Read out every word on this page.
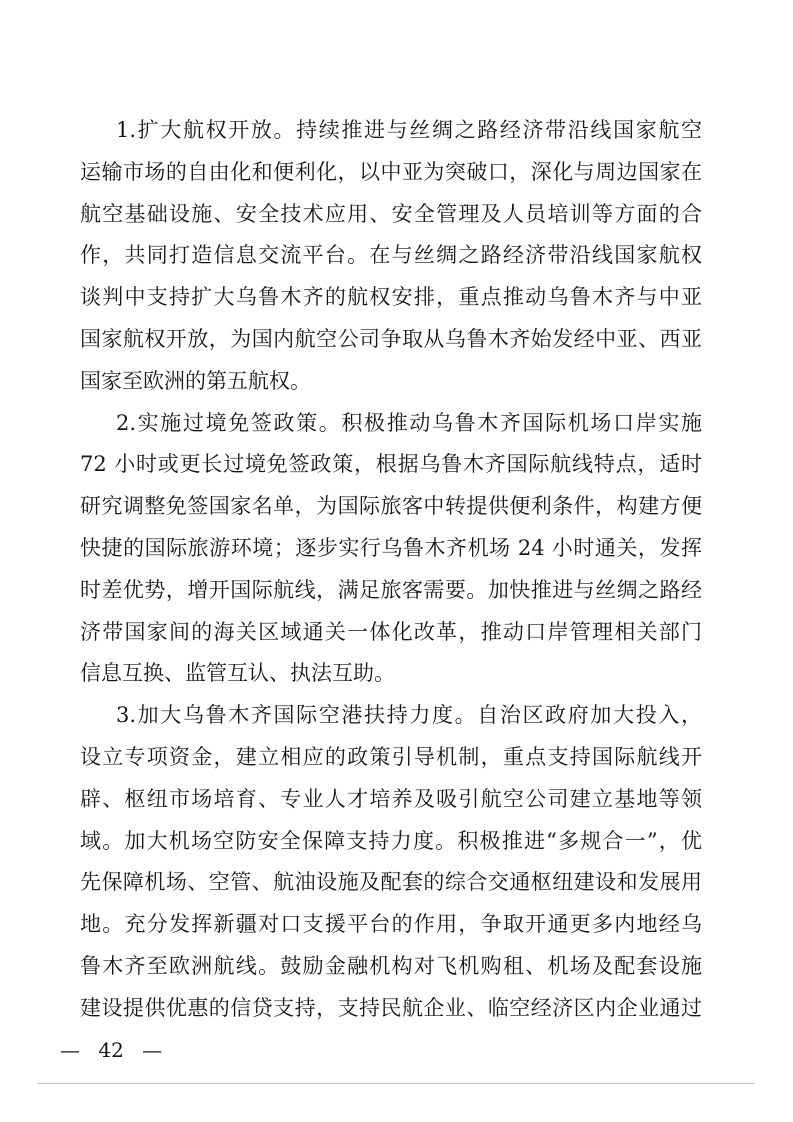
1.扩大航权开放。持续推进与丝绸之路经济带沿线国家航空
运输市场的自由化和便利化，以中亚为突破口，深化与周边国家在
航空基础设施、安全技术应用、安全管理及人员培训等方面的合
作，共同打造信息交流平台。在与丝绸之路经济带沿线国家航权
谈判中支持扩大乌鲁木齐的航权安排，重点推动乌鲁木齐与中亚
国家航权开放，为国内航空公司争取从乌鲁木齐始发经中亚、西亚
国家至欧洲的第五航权。
2.实施过境免签政策。积极推动乌鲁木齐国际机场口岸实施
72 小时或更长过境免签政策，根据乌鲁木齐国际航线特点，适时
研究调整免签国家名单，为国际旅客中转提供便利条件，构建方便
快捷的国际旅游环境；逐步实行乌鲁木齐机场 24 小时通关，发挥
时差优势，增开国际航线，满足旅客需要。加快推进与丝绸之路经
济带国家间的海关区域通关一体化改革，推动口岸管理相关部门
信息互换、监管互认、执法互助。
3.加大乌鲁木齐国际空港扶持力度。自治区政府加大投入，
设立专项资金，建立相应的政策引导机制，重点支持国际航线开
辟、枢纽市场培育、专业人才培养及吸引航空公司建立基地等领
域。加大机场空防安全保障支持力度。积极推进“多规合一”，优
先保障机场、空管、航油设施及配套的综合交通枢纽建设和发展用
地。充分发挥新疆对口支援平台的作用，争取开通更多内地经乌
鲁木齐至欧洲航线。鼓励金融机构对飞机购租、机场及配套设施
建设提供优惠的信贷支持，支持民航企业、临空经济区内企业通过
— 42 —
